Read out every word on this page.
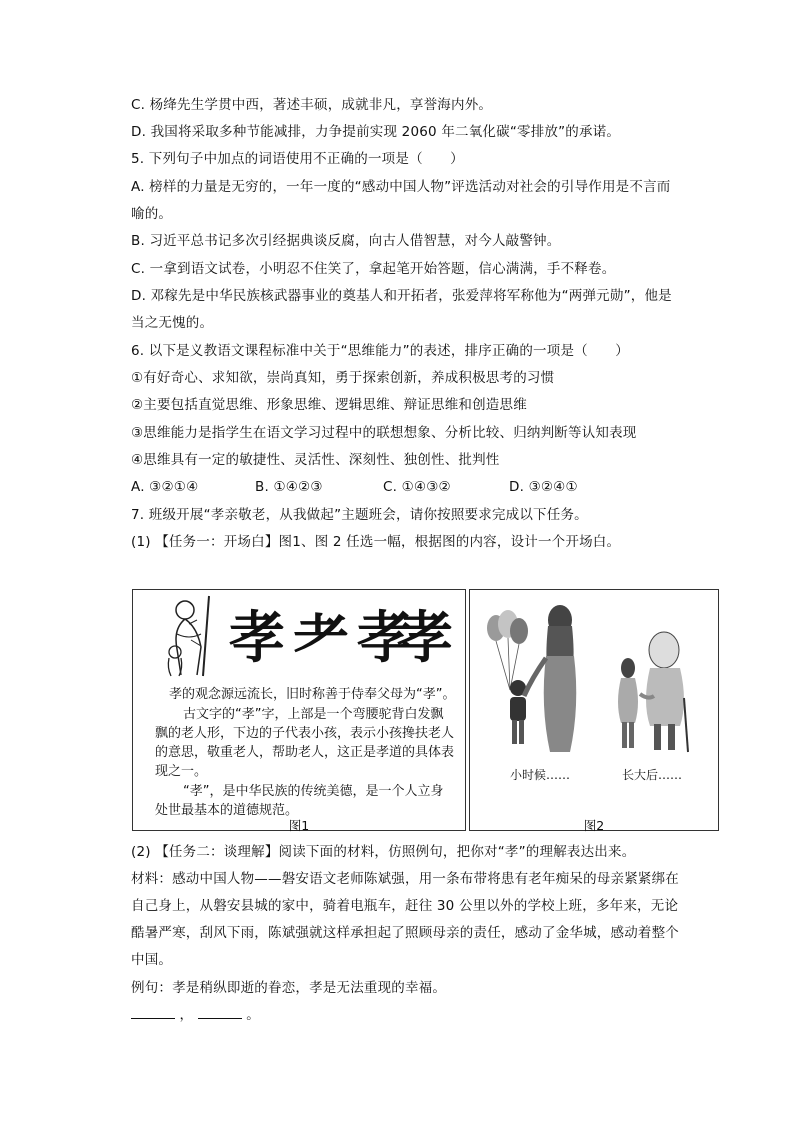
C. 杨绛先生学贯中西，著述丰硕，成就非凡，享誉海内外。
D. 我国将采取多种节能减排，力争提前实现 2060 年二氧化碳“零排放”的承诺。
5. 下列句子中加点的词语使用不正确的一项是（　　）
A. 榜样的力量是无穷的，一年一度的“感动中国人物”评选活动对社会的引导作用是不言而
喻的。
B. 习近平总书记多次引经据典谈反腐，向古人借智慧，对今人敲警钟。
C. 一拿到语文试卷，小明忍不住笑了，拿起笔开始答题，信心满满，手不释卷。
D. 邓稼先是中华民族核武器事业的奠基人和开拓者，张爱萍将军称他为“两弹元勋”，他是
当之无愧的。
6. 以下是义教语文课程标准中关于“思维能力”的表述，排序正确的一项是（　　）
①有好奇心、求知欲，崇尚真知，勇于探索创新，养成积极思考的习惯
②主要包括直觉思维、形象思维、逻辑思维、辩证思维和创造思维
③思维能力是指学生在语文学习过程中的联想想象、分析比较、归纳判断等认知表现
④思维具有一定的敏捷性、灵活性、深刻性、独创性、批判性
A. ③②①④	B. ①④②③	C. ①④③②	D. ③②④①
7. 班级开展“孝亲敬老，从我做起”主题班会，请你按照要求完成以下任务。
(1) 【任务一：开场白】图1、图 2 任选一幅，根据图的内容，设计一个开场白。
孝 耂 孝
孝
孝的观念源远流长，旧时称善于侍奉父母为“孝”。
古文字的“孝”字，上部是一个弯腰驼背白发飘
飘的老人形，下边的子代表小孩，表示小孩搀扶老人
的意思，敬重老人，帮助老人，这正是孝道的具体表
现之一。
“孝”，是中华民族的传统美德，是一个人立身
处世最基本的道德规范。
图1
小时候……	长大后……
图2
(2) 【任务二：谈理解】阅读下面的材料，仿照例句，把你对“孝”的理解表达出来。
材料：感动中国人物——磐安语文老师陈斌强，用一条布带将患有老年痴呆的母亲紧紧绑在
自己身上，从磐安县城的家中，骑着电瓶车，赶往 30 公里以外的学校上班，多年来，无论
酷暑严寒，刮风下雨，陈斌强就这样承担起了照顾母亲的责任，感动了金华城，感动着整个
中国。
例句：孝是稍纵即逝的眷恋，孝是无法重现的幸福。
，	。
